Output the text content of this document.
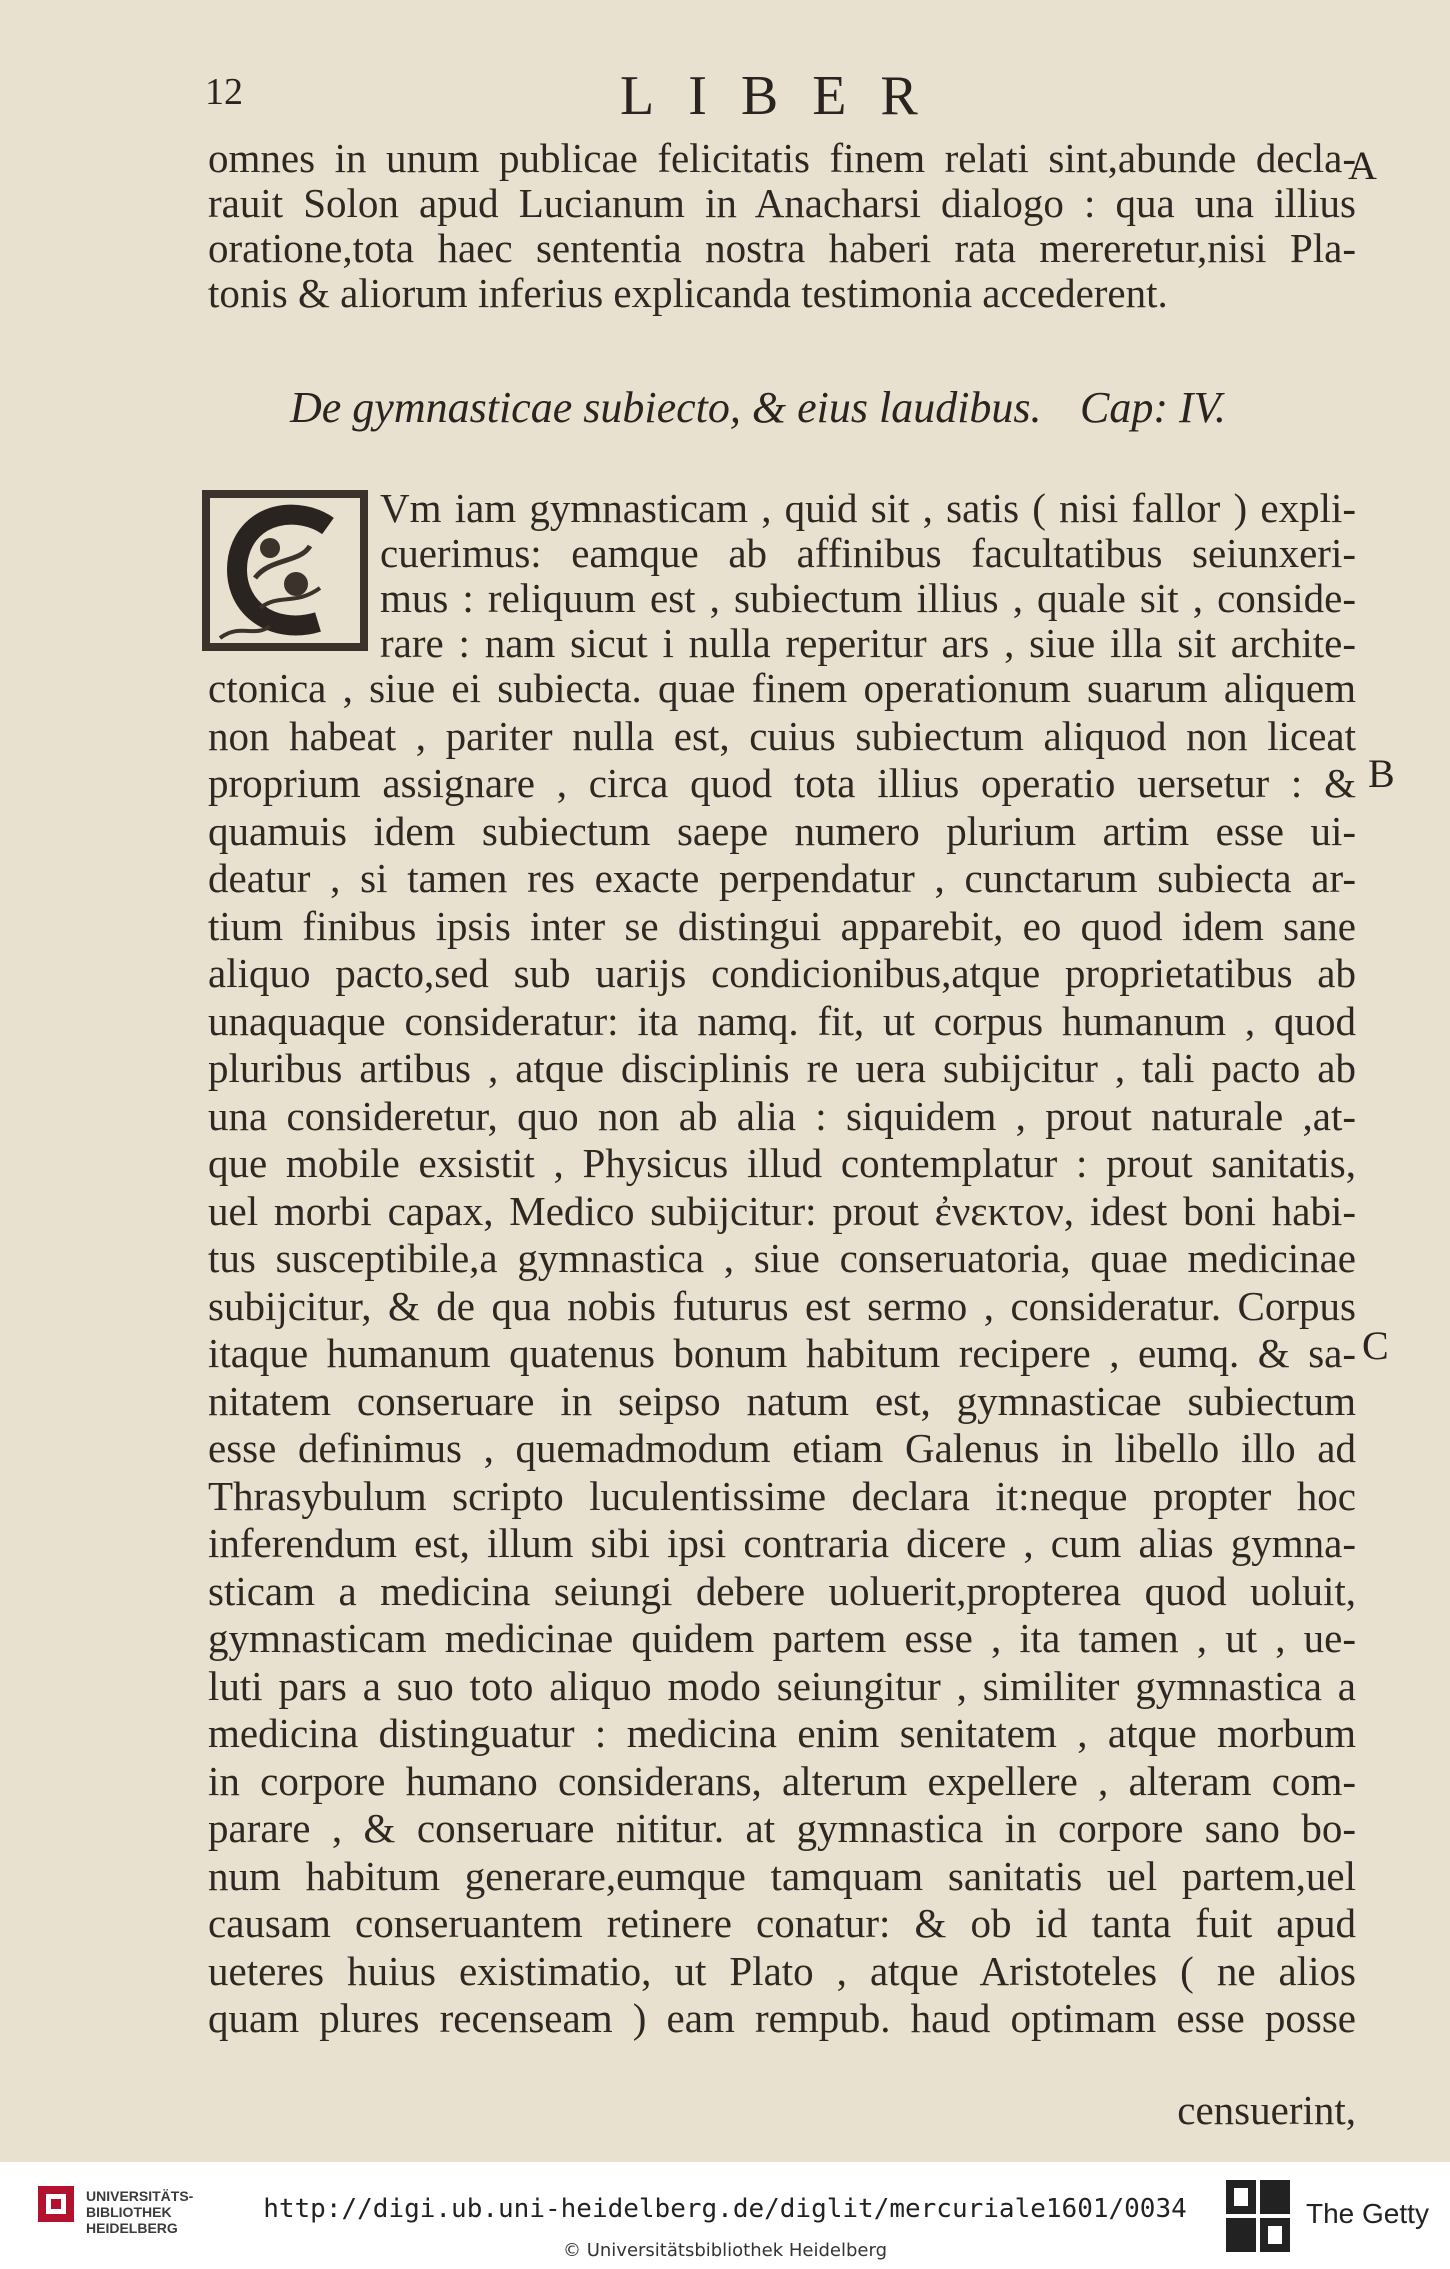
12	LIBER
A
B
C
omnes in unum publicae felicitatis finem relati sint,abunde decla-
rauit Solon apud Lucianum in Anacharsi dialogo : qua una illius
oratione,tota haec sententia nostra haberi rata mereretur,nisi Pla-
tonis & aliorum inferius explicanda testimonia accederent.
De gymnasticae subiecto, & eius laudibus. Cap: IV.
Vm iam gymnasticam , quid sit , satis ( nisi fallor ) expli-
cuerimus: eamque ab affinibus facultatibus seiunxeri-
mus : reliquum est , subiectum illius , quale sit , conside-
rare : nam sicut i nulla reperitur ars , siue illa sit archite-
ctonica , siue ei subiecta. quae finem operationum suarum aliquem
non habeat , pariter nulla est, cuius subiectum aliquod non liceat
proprium assignare , circa quod tota illius operatio uersetur : &
quamuis idem subiectum saepe numero plurium artim esse ui-
deatur , si tamen res exacte perpendatur , cunctarum subiecta ar-
tium finibus ipsis inter se distingui apparebit, eo quod idem sane
aliquo pacto,sed sub uarijs condicionibus,atque proprietatibus ab
unaquaque consideratur: ita namq. fit, ut corpus humanum , quod
pluribus artibus , atque disciplinis re uera subijcitur , tali pacto ab
una consideretur, quo non ab alia : siquidem , prout naturale ,at-
que mobile exsistit , Physicus illud contemplatur : prout sanitatis,
uel morbi capax, Medico subijcitur: prout ἐνεκτον, idest boni habi-
tus susceptibile,a gymnastica , siue conseruatoria, quae medicinae
subijcitur, & de qua nobis futurus est sermo , consideratur. Corpus
itaque humanum quatenus bonum habitum recipere , eumq. & sa-
nitatem conseruare in seipso natum est, gymnasticae subiectum
esse definimus , quemadmodum etiam Galenus in libello illo ad
Thrasybulum scripto luculentissime declara it:neque propter hoc
inferendum est, illum sibi ipsi contraria dicere , cum alias gymna-
sticam a medicina seiungi debere uoluerit,propterea quod uoluit,
gymnasticam medicinae quidem partem esse , ita tamen , ut , ue-
luti pars a suo toto aliquo modo seiungitur , similiter gymnastica a
medicina distinguatur : medicina enim senitatem , atque morbum
in corpore humano considerans, alterum expellere , alteram com-
parare , & conseruare nititur. at gymnastica in corpore sano bo-
num habitum generare,eumque tamquam sanitatis uel partem,uel
causam conseruantem retinere conatur: & ob id tanta fuit apud
ueteres huius existimatio, ut Plato , atque Aristoteles ( ne alios
quam plures recenseam ) eam rempub. haud optimam esse posse
censuerint,
UNIVERSITÄTS-
BIBLIOTHEK
HEIDELBERG
http://digi.ub.uni-heidelberg.de/diglit/mercuriale1601/0034
© Universitätsbibliothek Heidelberg
The Getty
